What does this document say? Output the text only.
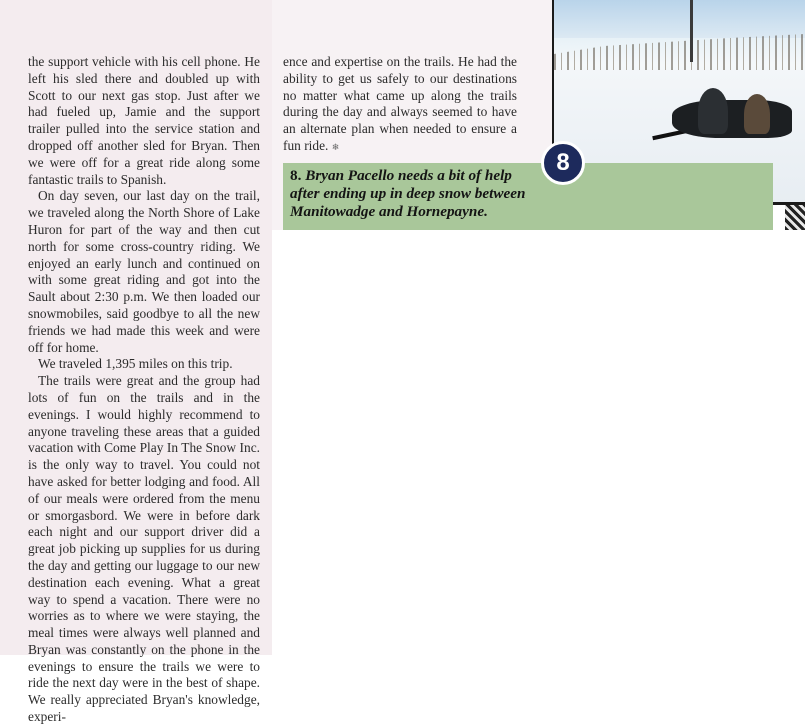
the support vehicle with his cell phone. He left his sled there and doubled up with Scott to our next gas stop. Just after we had fueled up, Jamie and the support trailer pulled into the service station and dropped off another sled for Bryan. Then we were off for a great ride along some fantastic trails to Spanish.

On day seven, our last day on the trail, we traveled along the North Shore of Lake Huron for part of the way and then cut north for some cross-country riding. We enjoyed an early lunch and continued on with some great riding and got into the Sault about 2:30 p.m. We then loaded our snowmobiles, said goodbye to all the new friends we had made this week and were off for home.

We traveled 1,395 miles on this trip.

The trails were great and the group had lots of fun on the trails and in the evenings. I would highly recommend to anyone traveling these areas that a guided vacation with Come Play In The Snow Inc. is the only way to travel. You could not have asked for better lodging and food. All of our meals were ordered from the menu or smorgasbord. We were in before dark each night and our support driver did a great job picking up supplies for us during the day and getting our luggage to our new destination each evening. What a great way to spend a vacation. There were no worries as to where we were staying, the meal times were always well planned and Bryan was constantly on the phone in the evenings to ensure the trails we were to ride the next day were in the best of shape. We really appreciated Bryan's knowledge, experi-

ence and expertise on the trails. He had the ability to get us safely to our destinations no matter what came up along the trails during the day and always seemed to have an alternate plan when needed to ensure a fun ride. ❄

8. Bryan Pacello needs a bit of help after ending up in deep snow between Manitowadge and Hornepayne.
8
